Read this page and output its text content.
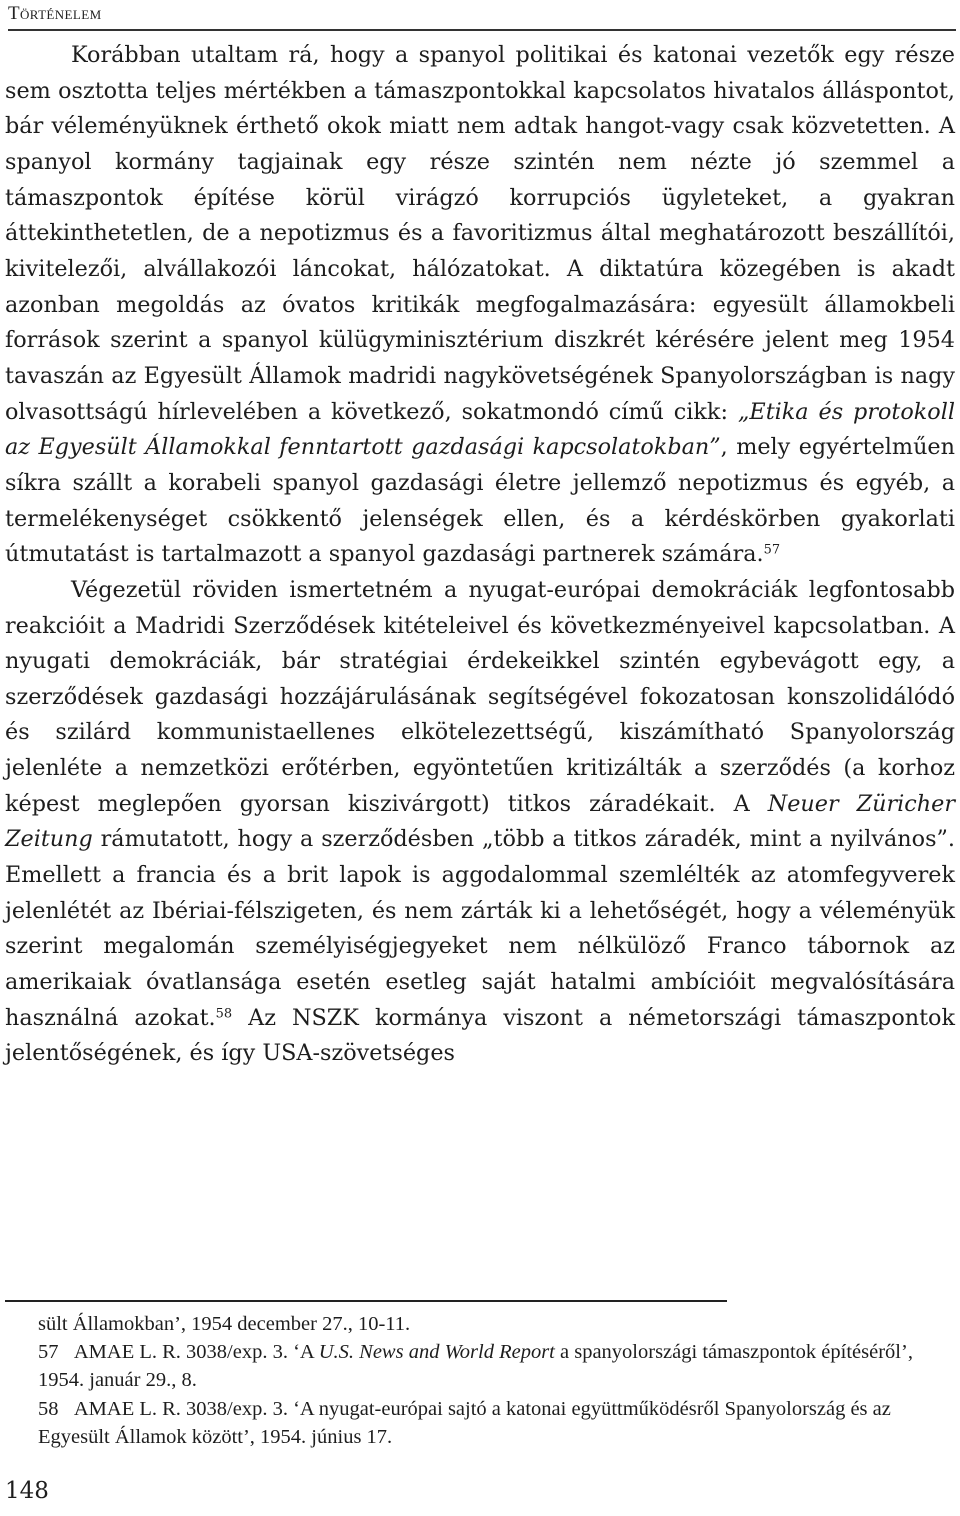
Történelem

Korábban utaltam rá, hogy a spanyol politikai és katonai vezetők egy része sem osztotta teljes mértékben a támaszpontokkal kapcsolatos hivatalos álláspontot, bár véleményüknek érthető okok miatt nem adtak hangot-vagy csak közvetetten. A spanyol kormány tagjainak egy része szintén nem nézte jó szemmel a támaszpontok építése körül virágzó korrupciós ügyleteket, a gyakran áttekinthetetlen, de a nepotizmus és a favoritizmus által meghatározott beszállítói, kivitelezői, alvállakozói láncokat, hálózatokat. A diktatúra közegében is akadt azonban megoldás az óvatos kritikák megfogalmazására: egyesült államokbeli források szerint a spanyol külügyminisztérium diszkrét kérésére jelent meg 1954 tavaszán az Egyesült Államok madridi nagykövetségének Spanyolországban is nagy olvasottságú hírlevelében a következő, sokatmondó című cikk: „Etika és protokoll az Egyesült Államokkal fenntartott gazdasági kapcsolatokban”, mely egyértelműen síkra szállt a korabeli spanyol gazdasági életre jellemző nepotizmus és egyéb, a termelékenységet csökkentő jelenségek ellen, és a kérdéskörben gyakorlati útmutatást is tartalmazott a spanyol gazdasági partnerek számára.$^{57}$

Végezetül röviden ismertetném a nyugat-európai demokráciák legfontosabb reakcióit a Madridi Szerződések kitételeivel és következményeivel kapcsolatban. A nyugati demokráciák, bár stratégiai érdekeikkel szintén egybevágott egy, a szerződések gazdasági hozzájárulásának segítségével fokozatosan konszolidálódó és szilárd kommunistaellenes elkötelezettségű, kiszámítható Spanyolország jelenléte a nemzetközi erőtérben, egyöntetűen kritizálták a szerződés (a korhoz képest meglepően gyorsan kiszivárgott) titkos záradékait. A Neuer Züricher Zeitung rámutatott, hogy a szerződésben „több a titkos záradék, mint a nyilvános”. Emellett a francia és a brit lapok is aggodalommal szemlélték az atomfegyverek jelenlétét az Ibériai-félszigeten, és nem zárták ki a lehetőségét, hogy a véleményük szerint megalomán személyiségjegyeket nem nélkülöző Franco tábornok az amerikaiak óvatlansága esetén esetleg saját hatalmi ambícióit megvalósítására használná azokat.$^{58}$ Az NSZK kormánya viszont a németországi támaszpontok jelentőségének, és így USA-szövetséges

sült Államokban’, 1954 december 27., 10-11.

57 AMAE L. R. 3038/exp. 3. ‘A U.S. News and World Report a spanyolországi támaszpontok építéséről’, 1954. január 29., 8.

58 AMAE L. R. 3038/exp. 3. ‘A nyugat-európai sajtó a katonai együttműködésről Spanyolország és az Egyesült Államok között’, 1954. június 17.

148
